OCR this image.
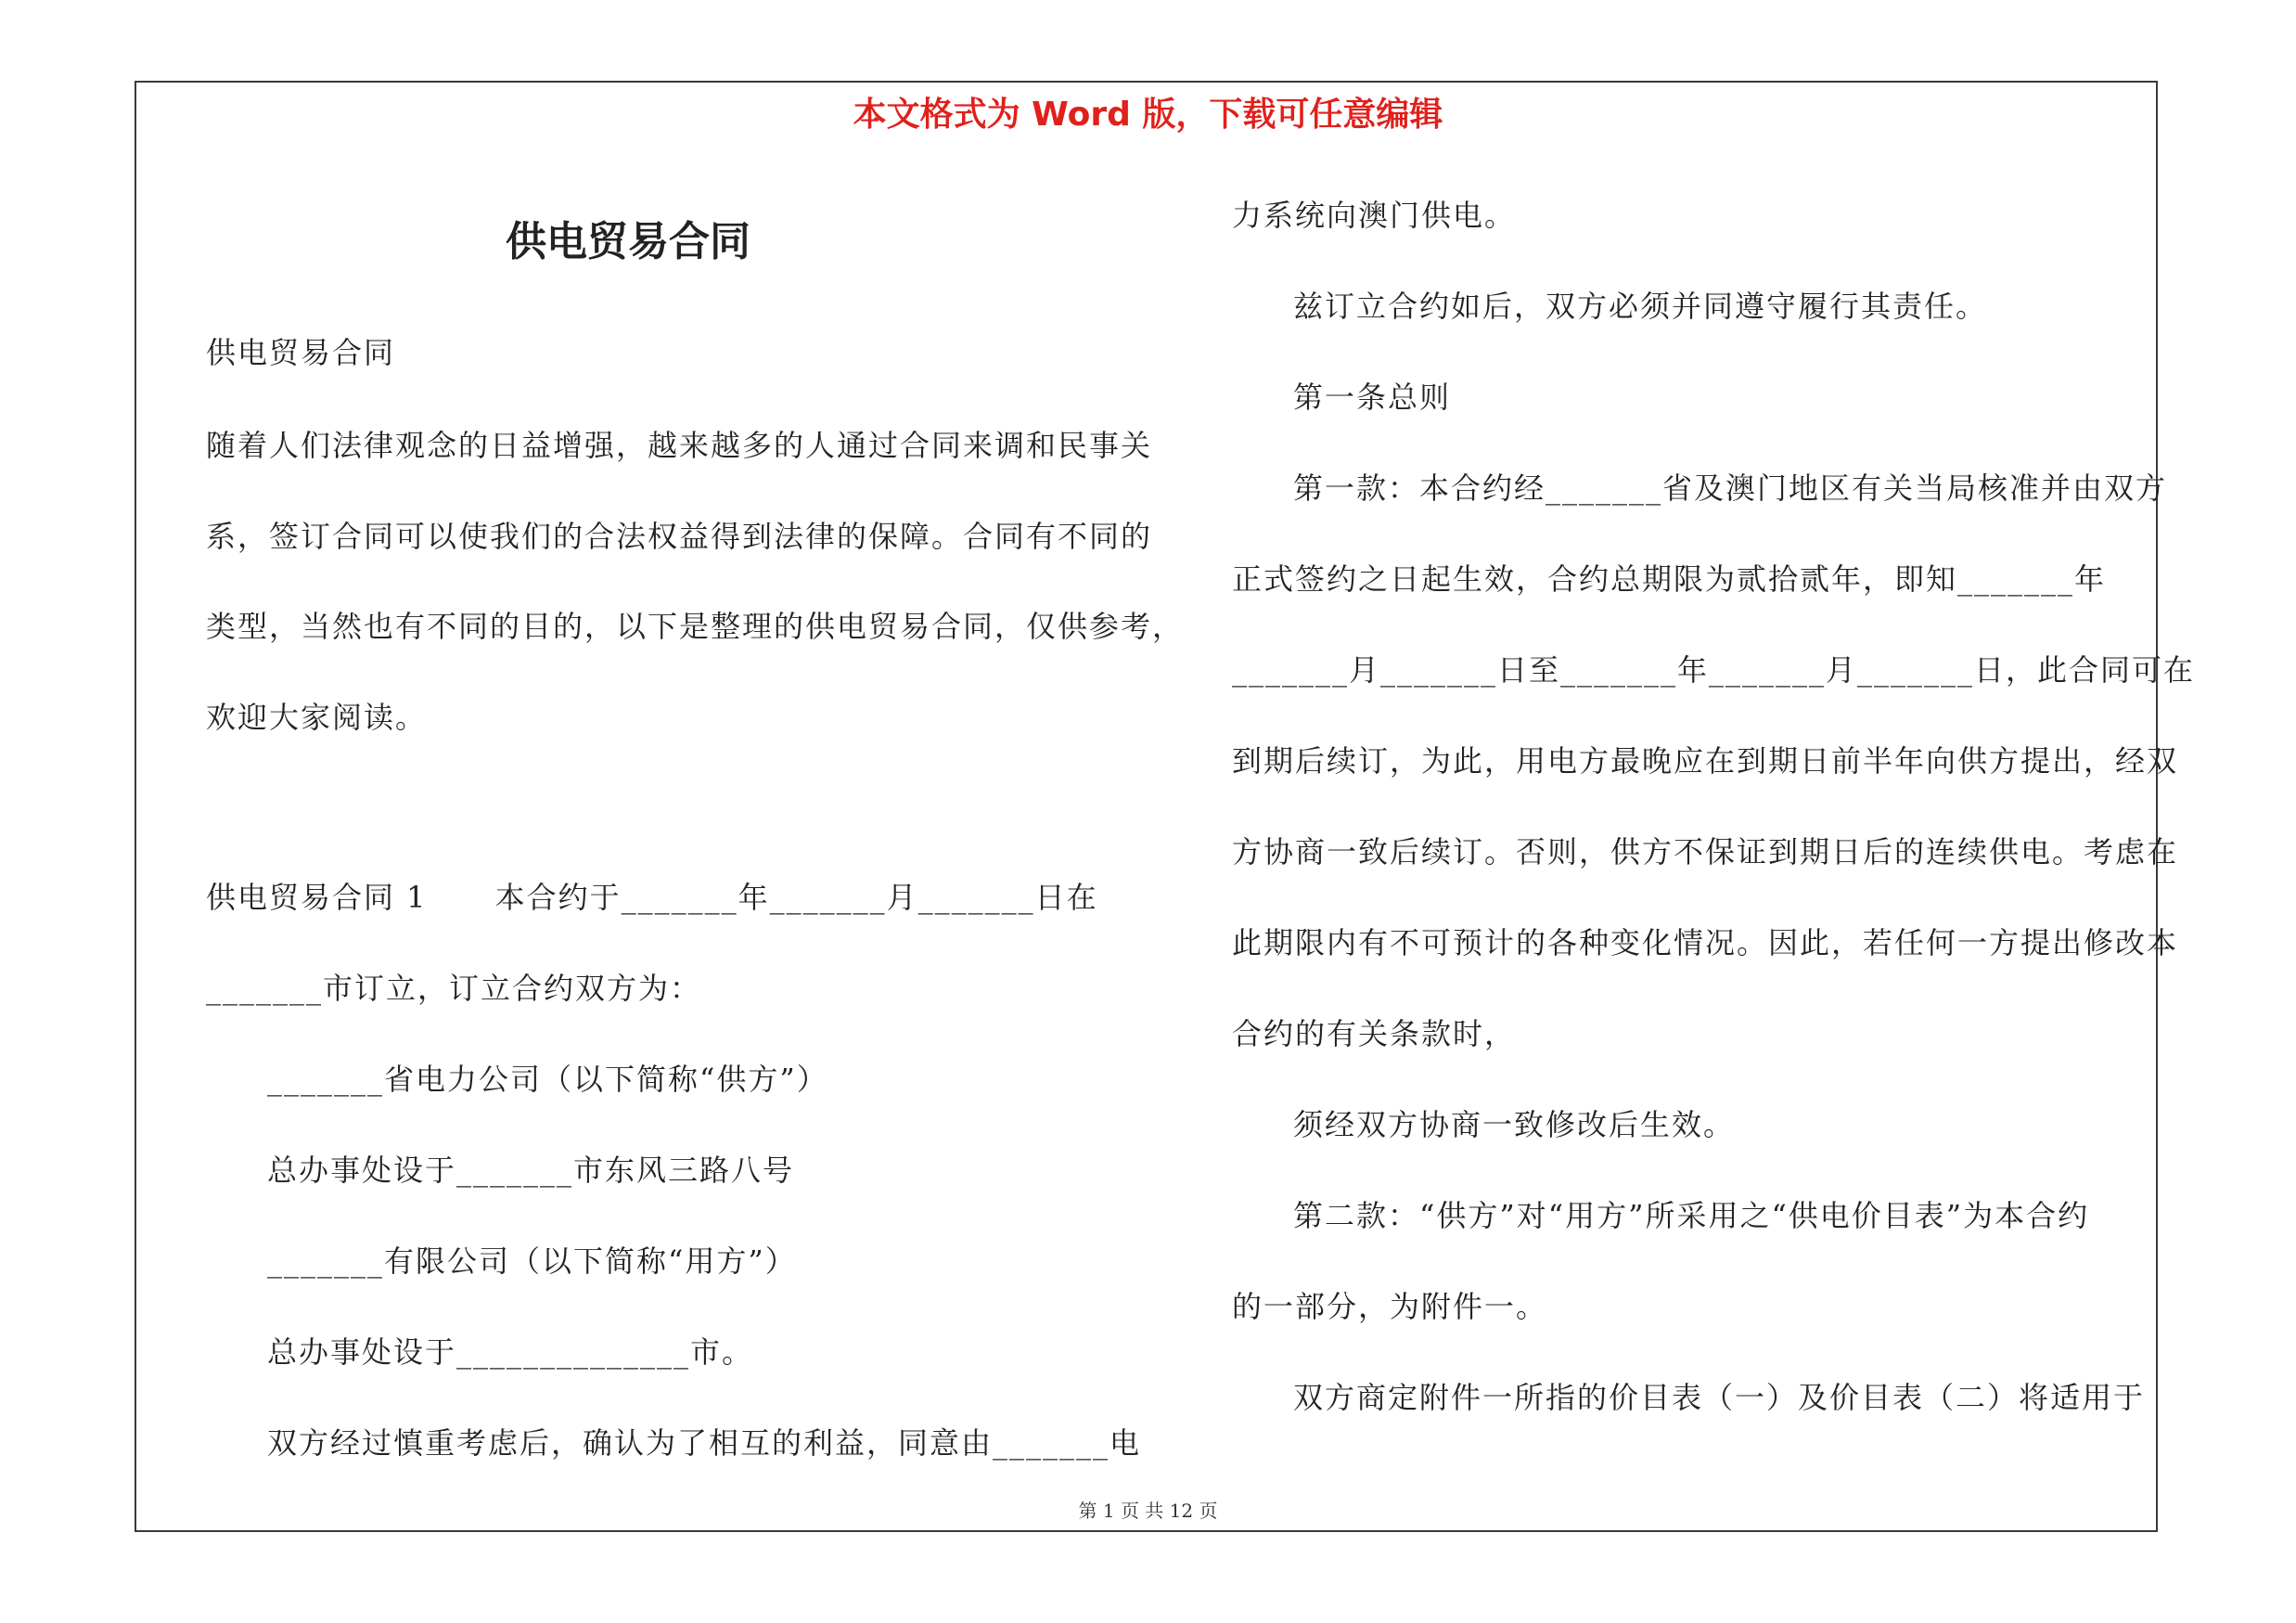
本文格式为 Word 版，下载可任意编辑
供电贸易合同
供电贸易合同
随着人们法律观念的日益增强，越来越多的人通过合同来调和民事关
系，签订合同可以使我们的合法权益得到法律的保障。合同有不同的
类型，当然也有不同的目的，以下是整理的供电贸易合同，仅供参考，
欢迎大家阅读。
供电贸易合同 1      本合约于_______年_______月_______日在
_______市订立，订立合约双方为：
_______省电力公司（以下简称“供方”）
总办事处设于_______市东风三路八号
_______有限公司（以下简称“用方”）
总办事处设于______________市。
双方经过慎重考虑后，确认为了相互的利益，同意由_______电
力系统向澳门供电。
兹订立合约如后，双方必须并同遵守履行其责任。
第一条总则
第一款：本合约经_______省及澳门地区有关当局核准并由双方
正式签约之日起生效，合约总期限为贰拾贰年，即知_______年
_______月_______日至_______年_______月_______日，此合同可在
到期后续订，为此，用电方最晚应在到期日前半年向供方提出，经双
方协商一致后续订。否则，供方不保证到期日后的连续供电。考虑在
此期限内有不可预计的各种变化情况。因此，若任何一方提出修改本
合约的有关条款时，
须经双方协商一致修改后生效。
第二款：“供方”对“用方”所采用之“供电价目表”为本合约
的一部分，为附件一。
双方商定附件一所指的价目表（一）及价目表（二）将适用于
第 1 页 共 12 页
